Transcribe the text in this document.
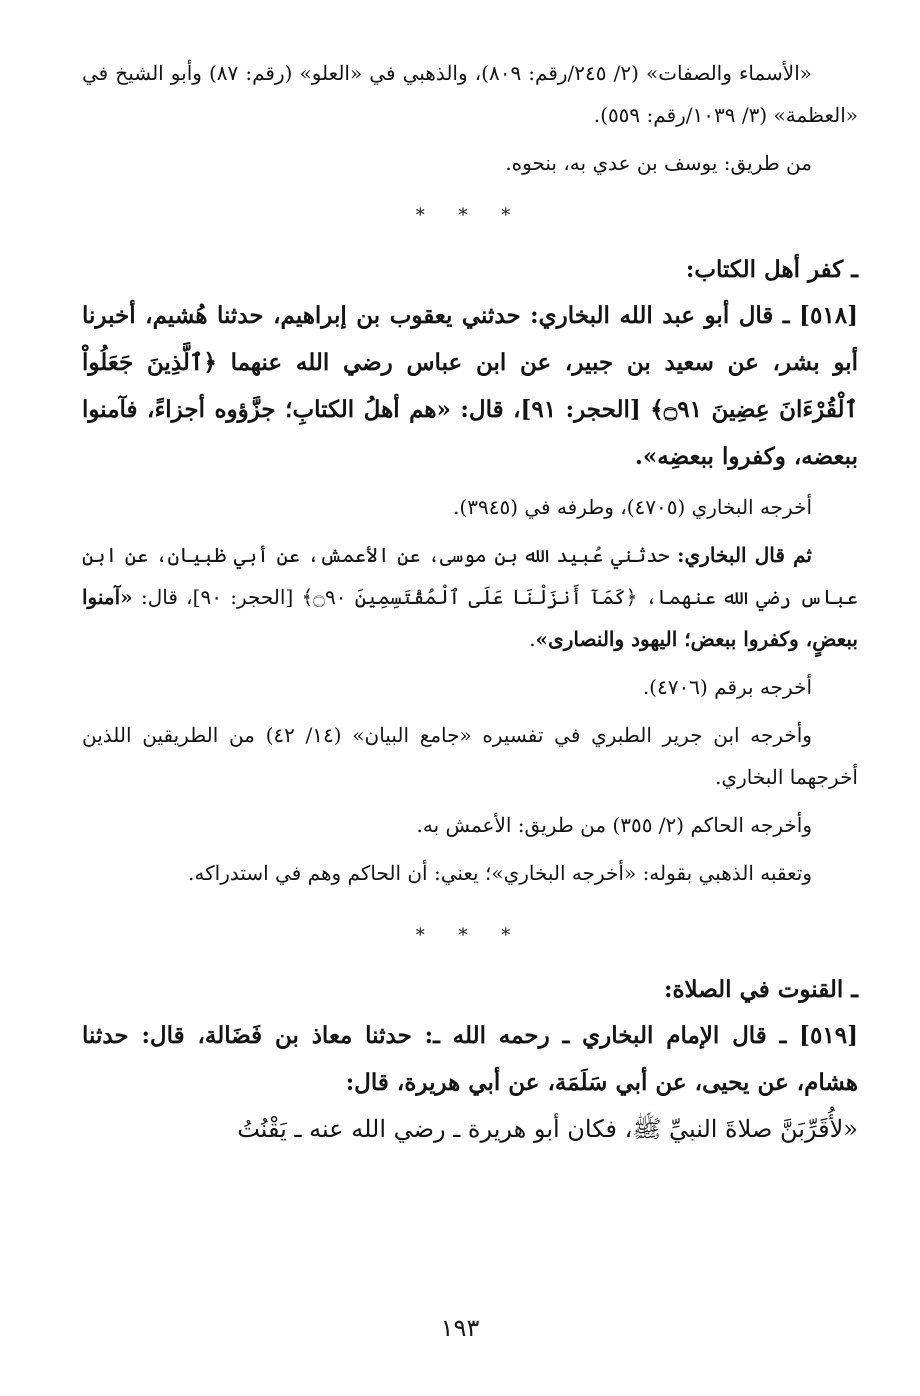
«الأسماء والصفات» (٢/ ٢٤٥/رقم: ٨٠٩)، والذهبي في «العلو» (رقم: ٨٧) وأبو الشيخ في «العظمة» (٣/ ١٠٣٩/رقم: ٥٥٩).

من طريق: يوسف بن عدي به، بنحوه.

* * *
ـ كفر أهل الكتاب:

[٥١٨] ـ قال أبو عبد الله البخاري: حدثني يعقوب بن إبراهيم، حدثنا هُشيم، أخبرنا أبو بشر، عن سعيد بن جبير، عن ابن عباس رضي الله عنهما ﴿ٱلَّذِينَ جَعَلُواْ ٱلْقُرْءَانَ عِضِينَ ۝٩١﴾ [الحجر: ٩١]، قال: «هم أهلُ الكتابِ؛ جزَّؤوه أجزاءً، فآمنوا ببعضه، وكفروا ببعضِه».

أخرجه البخاري (٤٧٠٥)، وطرفه في (٣٩٤٥).

ثم قال البخاري: حدثني عُبيد الله بن موسى، عن الأعمش، عن أبي ظبيان، عن ابن عباس رضي الله عنهما، ﴿كَمَآ أَنزَلْنَا عَلَى ٱلْمُقْتَسِمِينَ ۝٩٠﴾ [الحجر: ٩٠]، قال: «آمنوا ببعضٍ، وكفروا ببعض؛ اليهود والنصارى».

أخرجه برقم (٤٧٠٦).

وأخرجه ابن جرير الطبري في تفسيره «جامع البيان» (١٤/ ٤٢) من الطريقين اللذين أخرجهما البخاري.

وأخرجه الحاكم (٢/ ٣٥٥) من طريق: الأعمش به.

وتعقبه الذهبي بقوله: «أخرجه البخاري»؛ يعني: أن الحاكم وهم في استدراكه.

* * *
ـ القنوت في الصلاة:

[٥١٩] ـ قال الإمام البخاري ـ رحمه الله ـ: حدثنا معاذ بن فَضَالة، قال: حدثنا هشام، عن يحيى، عن أبي سَلَمَة، عن أبي هريرة، قال:

«لأُقَرِّبَنَّ صلاةَ النبيِّ ﷺ، فكان أبو هريرة ـ رضي الله عنه ـ يَقْنُتُ

١٩٣
